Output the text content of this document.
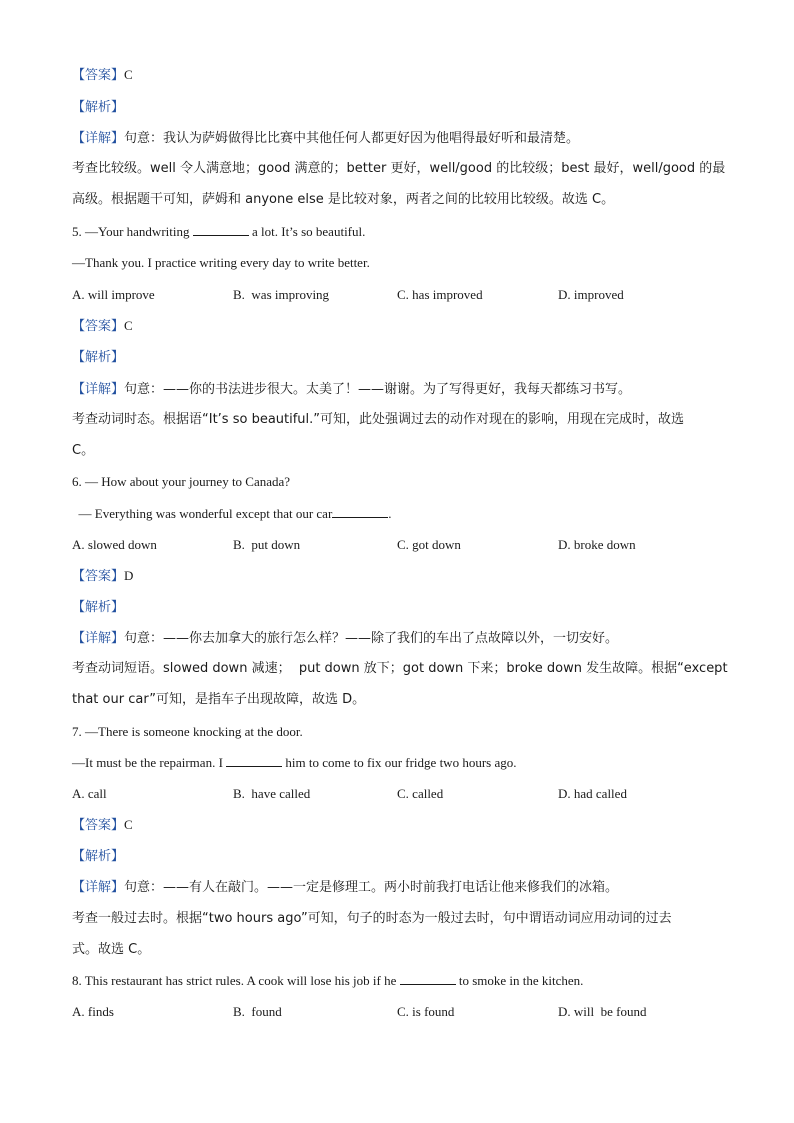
【答案】C
【解析】
【详解】句意：我认为萨姆做得比比赛中其他任何人都更好因为他唱得最好听和最清楚。
考查比较级。well 令人满意地；good 满意的；better 更好，well/good 的比较级；best 最好，well/good 的最
高级。根据题干可知，萨姆和 anyone else 是比较对象，两者之间的比较用比较级。故选 C。
5. —Your handwriting	a lot. It’s so beautiful.
—Thank you. I practice writing every day to write better.
A. will improve	B.  was improving	C. has improved	D. improved
【答案】C
【解析】
【详解】句意：——你的书法进步很大。太美了！——谢谢。为了写得更好，我每天都练习书写。
考查动词时态。根据语“It’s so beautiful.”可知，此处强调过去的动作对现在的影响，用现在完成时，故选
C。
6. — How about your journey to Canada?
— Everything was wonderful except that our car	.
A. slowed down	B.  put down	C. got down	D. broke down
【答案】D
【解析】
【详解】句意：——你去加拿大的旅行怎么样？——除了我们的车出了点故障以外，一切安好。
考查动词短语。slowed down 减速；  put down 放下；got down 下来；broke down 发生故障。根据“except
that our car”可知，是指车子出现故障，故选 D。
7. —There is someone knocking at the door.
—It must be the repairman. I	him to come to fix our fridge two hours ago.
A. call	B.  have called	C. called	D. had called
【答案】C
【解析】
【详解】句意：——有人在敲门。——一定是修理工。两小时前我打电话让他来修我们的冰箱。
考查一般过去时。根据“two hours ago”可知，句子的时态为一般过去时，句中谓语动词应用动词的过去
式。故选 C。
8. This restaurant has strict rules. A cook will lose his job if he	to smoke in the kitchen.
A. finds	B.  found	C. is found	D. will  be found
